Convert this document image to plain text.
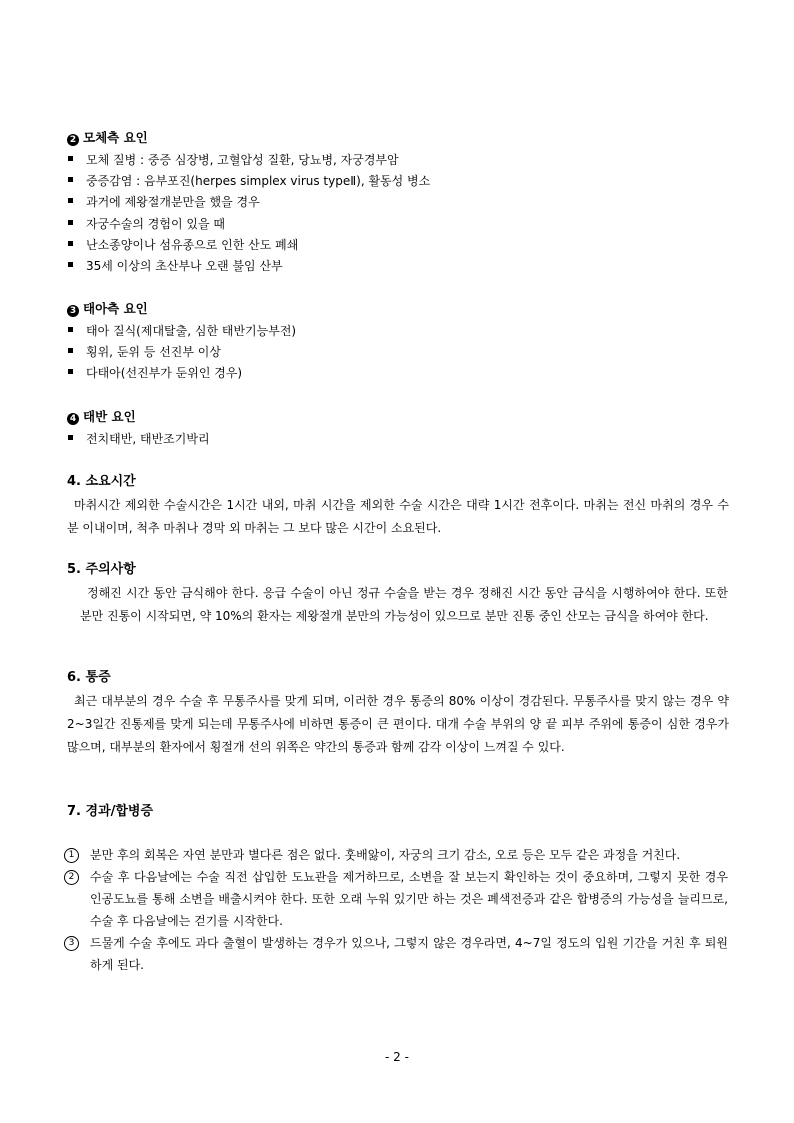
2 모체측 요인
모체 질병 : 중증 심장병, 고혈압성 질환, 당뇨병, 자궁경부암
중증감염 : 음부포진(herpes simplex virus typeⅡ), 활동성 병소
과거에 제왕절개분만을 했을 경우
자궁수술의 경험이 있을 때
난소종양이나 섬유종으로 인한 산도 폐쇄
35세 이상의 초산부나 오랜 불임 산부
3 태아측 요인
태아 질식(제대탈출, 심한 태반기능부전)
횡위, 둔위 등 선진부 이상
다태아(선진부가 둔위인 경우)
4 태반 요인
전치태반, 태반조기박리
4. 소요시간
마취시간 제외한 수술시간은 1시간 내외, 마취 시간을 제외한 수술 시간은 대략 1시간 전후이다. 마취는 전신 마취의 경우 수분 이내이며, 척추 마취나 경막 외 마취는 그 보다 많은 시간이 소요된다.
5. 주의사항
정해진 시간 동안 금식해야 한다. 응급 수술이 아닌 정규 수술을 받는 경우 정해진 시간 동안 금식을 시행하여야 한다. 또한 분만 진통이 시작되면, 약 10%의 환자는 제왕절개 분만의 가능성이 있으므로 분만 진통 중인 산모는 금식을 하여야 한다.
6. 통증
최근 대부분의 경우 수술 후 무통주사를 맞게 되며, 이러한 경우 통증의 80% 이상이 경감된다. 무통주사를 맞지 않는 경우 약 2~3일간 진통제를 맞게 되는데 무통주사에 비하면 통증이 큰 편이다. 대개 수술 부위의 양 끝 피부 주위에 통증이 심한 경우가 많으며, 대부분의 환자에서 횡절개 선의 위쪽은 약간의 통증과 함께 감각 이상이 느껴질 수 있다.
7. 경과/합병증
1	분만 후의 회복은 자연 분만과 별다른 점은 없다. 훗배앓이, 자궁의 크기 감소, 오로 등은 모두 같은 과정을 거친다.
2	수술 후 다음날에는 수술 직전 삽입한 도뇨관을 제거하므로, 소변을 잘 보는지 확인하는 것이 중요하며, 그렇지 못한 경우 인공도뇨를 통해 소변을 배출시켜야 한다. 또한 오래 누워 있기만 하는 것은 폐색전증과 같은 합병증의 가능성을 늘리므로, 수술 후 다음날에는 걷기를 시작한다.
3	드물게 수술 후에도 과다 출혈이 발생하는 경우가 있으나, 그렇지 않은 경우라면, 4~7일 정도의 입원 기간을 거친 후 퇴원하게 된다.
- 2 -
